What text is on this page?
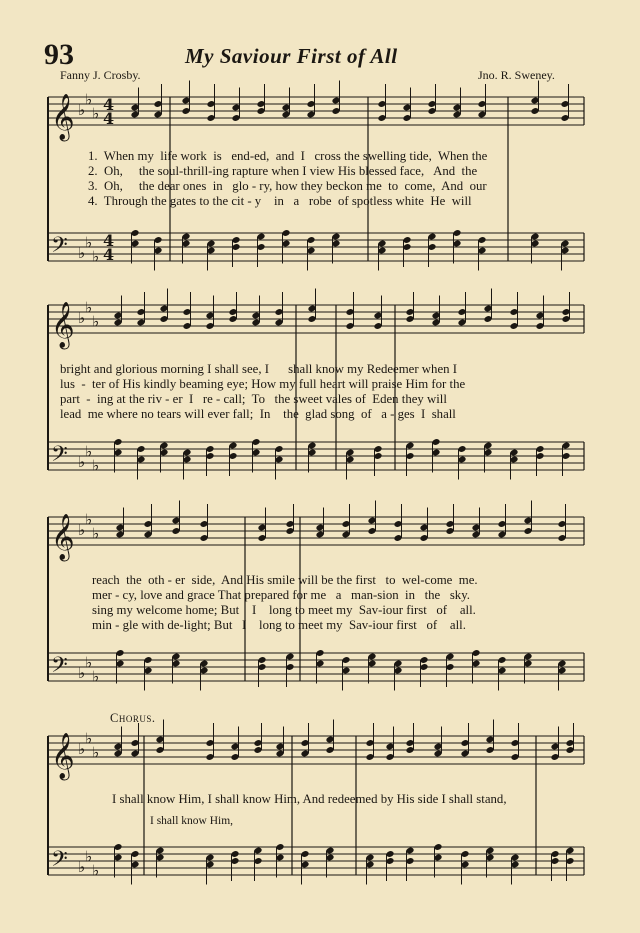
93	My Saviour First of All
Fanny J. Crosby.	Jno. R. Sweney.
𝄞 ♭
♭
♭ 4
4
𝄢 ♭
♭
♭
4
4
𝄞 ♭
♭
♭
𝄢 ♭
♭
♭
𝄞 ♭
♭
♭
𝄢 ♭
♭
♭
𝄞 ♭
♭
♭
𝄢 ♭
♭
♭
1.  When my  life work  is   end-ed,  and  I   cross the swelling tide,  When the
2.  Oh,     the soul-thrill-ing rapture when I view His blessed face,   And  the
3.  Oh,     the dear ones  in   glo - ry, how they beckon me  to  come,  And  our
4.  Through the gates to the cit - y    in   a   robe  of spotless white  He  will
bright and glorious morning I shall see, I      shall know my Redeemer when I
lus  -  ter of His kindly beaming eye; How my full heart will praise Him for the
part  -  ing at the riv - er  I   re - call;  To   the sweet vales of  Eden they will
lead  me where no tears will ever fall;  In    the  glad song  of   a - ges  I  shall
reach  the  oth - er  side,  And His smile will be the first   to  wel-come  me.
mer - cy, love and grace That prepared for me   a   man-sion  in   the   sky.
sing my welcome home; But    I    long to meet my  Sav-iour first   of    all.
min - gle with de-light; But   I    long to meet my  Sav-iour first   of    all.
Chorus.
I shall know Him, I shall know Him, And redeemed by His side I shall stand,
I shall know Him,
